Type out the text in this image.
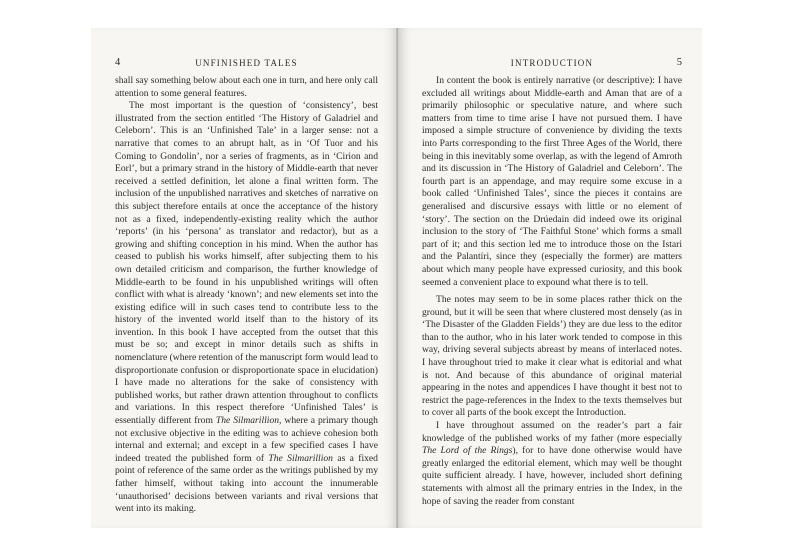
4	UNFINISHED TALES

shall say something below about each one in turn, and here only call attention to some general features.

The most important is the question of ‘consistency’, best illustrated from the section entitled ‘The History of Galadriel and Celeborn’. This is an ‘Unfinished Tale’ in a larger sense: not a narrative that comes to an abrupt halt, as in ‘Of Tuor and his Coming to Gondolin’, nor a series of fragments, as in ‘Cirion and Eorl’, but a primary strand in the history of Middle-earth that never received a settled definition, let alone a final written form. The inclusion of the unpublished narratives and sketches of narrative on this subject therefore entails at once the acceptance of the history not as a fixed, independently-existing reality which the author ‘reports’ (in his ‘persona’ as translator and redactor), but as a growing and shifting conception in his mind. When the author has ceased to publish his works himself, after subjecting them to his own detailed criticism and comparison, the further knowledge of Middle-earth to be found in his unpublished writings will often conflict with what is already ‘known’; and new elements set into the existing edifice will in such cases tend to contribute less to the history of the invented world itself than to the history of its invention. In this book I have accepted from the outset that this must be so; and except in minor details such as shifts in nomenclature (where retention of the manuscript form would lead to disproportionate confusion or disproportionate space in elucidation) I have made no alterations for the sake of consistency with published works, but rather drawn attention throughout to conflicts and variations. In this respect therefore ‘Unfinished Tales’ is essentially different from The Silmarillion, where a primary though not exclusive objective in the editing was to achieve cohesion both internal and external; and except in a few specified cases I have indeed treated the published form of The Silmarillion as a fixed point of reference of the same order as the writings published by my father himself, without taking into account the innumerable ‘unauthorised’ decisions between variants and rival versions that went into its making.

INTRODUCTION	5

In content the book is entirely narrative (or descriptive): I have excluded all writings about Middle-earth and Aman that are of a primarily philosophic or speculative nature, and where such matters from time to time arise I have not pursued them. I have imposed a simple structure of convenience by dividing the texts into Parts corresponding to the first Three Ages of the World, there being in this inevitably some overlap, as with the legend of Amroth and its discussion in ‘The History of Galadriel and Celeborn’. The fourth part is an appendage, and may require some excuse in a book called ‘Unfinished Tales’, since the pieces it contains are generalised and discursive essays with little or no element of ‘story’. The section on the Drúedain did indeed owe its original inclusion to the story of ‘The Faithful Stone’ which forms a small part of it; and this section led me to introduce those on the Istari and the Palantíri, since they (especially the former) are matters about which many people have expressed curiosity, and this book seemed a convenient place to expound what there is to tell.

The notes may seem to be in some places rather thick on the ground, but it will be seen that where clustered most densely (as in ‘The Disaster of the Gladden Fields’) they are due less to the editor than to the author, who in his later work tended to compose in this way, driving several subjects abreast by means of interlaced notes. I have throughout tried to make it clear what is editorial and what is not. And because of this abundance of original material appearing in the notes and appendices I have thought it best not to restrict the page-references in the Index to the texts themselves but to cover all parts of the book except the Introduction.

I have throughout assumed on the reader’s part a fair knowledge of the published works of my father (more especially The Lord of the Rings), for to have done otherwise would have greatly enlarged the editorial element, which may well be thought quite sufficient already. I have, however, included short defining statements with almost all the primary entries in the Index, in the hope of saving the reader from constant
